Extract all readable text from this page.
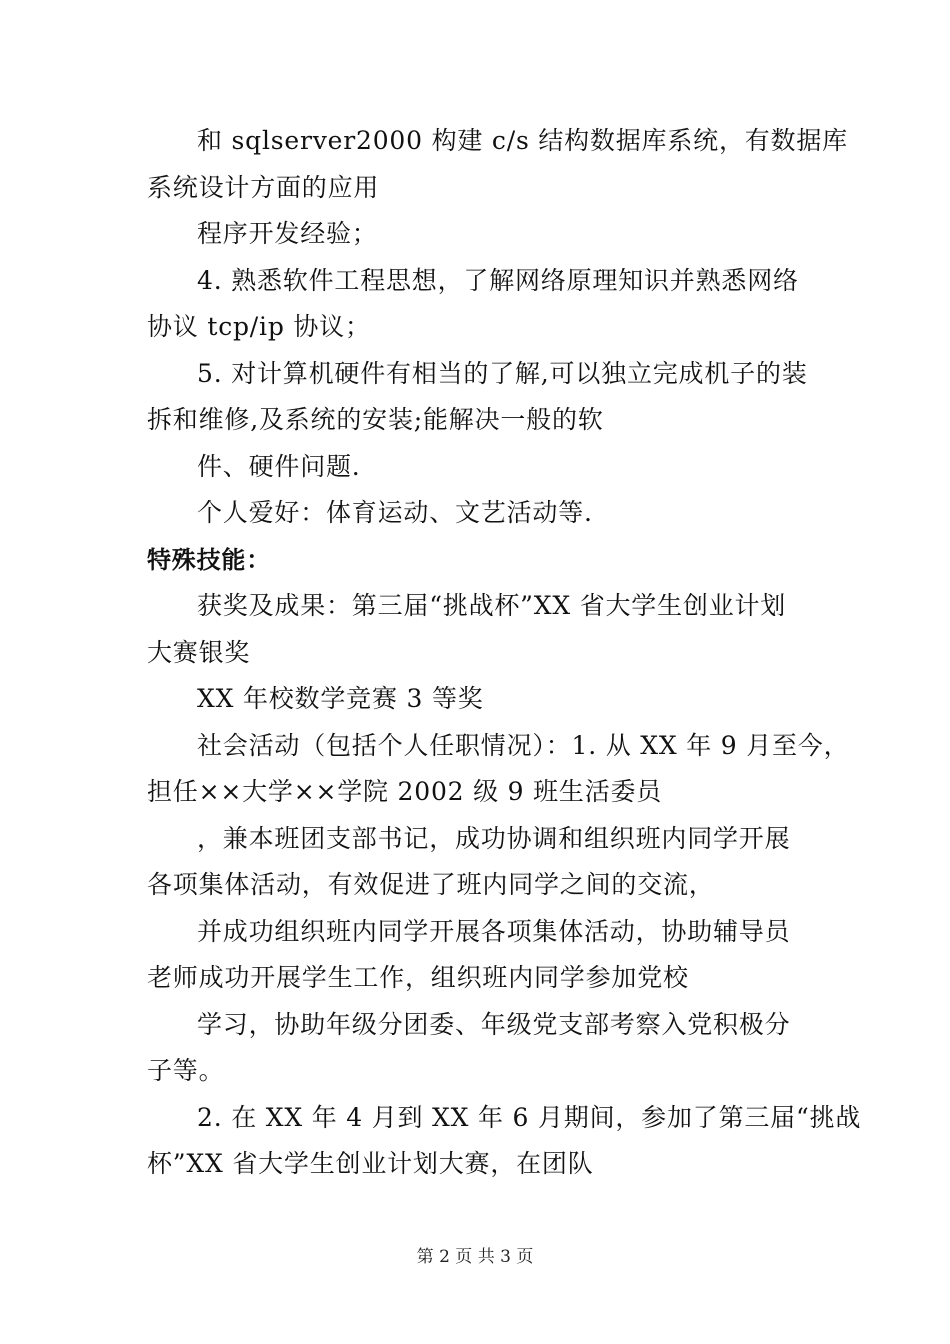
和 sqlserver2000 构建 c/s 结构数据库系统，有数据库
系统设计方面的应用
程序开发经验；
4. 熟悉软件工程思想，了解网络原理知识并熟悉网络
协议 tcp/ip 协议；
5. 对计算机硬件有相当的了解,可以独立完成机子的装
拆和维修,及系统的安装;能解决一般的软
件、硬件问题.
个人爱好：体育运动、文艺活动等.
特殊技能：
获奖及成果：第三届“挑战杯”XX 省大学生创业计划
大赛银奖
XX 年校数学竞赛 3 等奖
社会活动（包括个人任职情况）：1. 从 XX 年 9 月至今，
担任××大学××学院 2002 级 9 班生活委员
，兼本班团支部书记，成功协调和组织班内同学开展
各项集体活动，有效促进了班内同学之间的交流，
并成功组织班内同学开展各项集体活动，协助辅导员
老师成功开展学生工作，组织班内同学参加党校
学习，协助年级分团委、年级党支部考察入党积极分
子等。
2. 在 XX 年 4 月到 XX 年 6 月期间，参加了第三届“挑战
杯”XX 省大学生创业计划大赛，在团队
第 2 页 共 3 页
